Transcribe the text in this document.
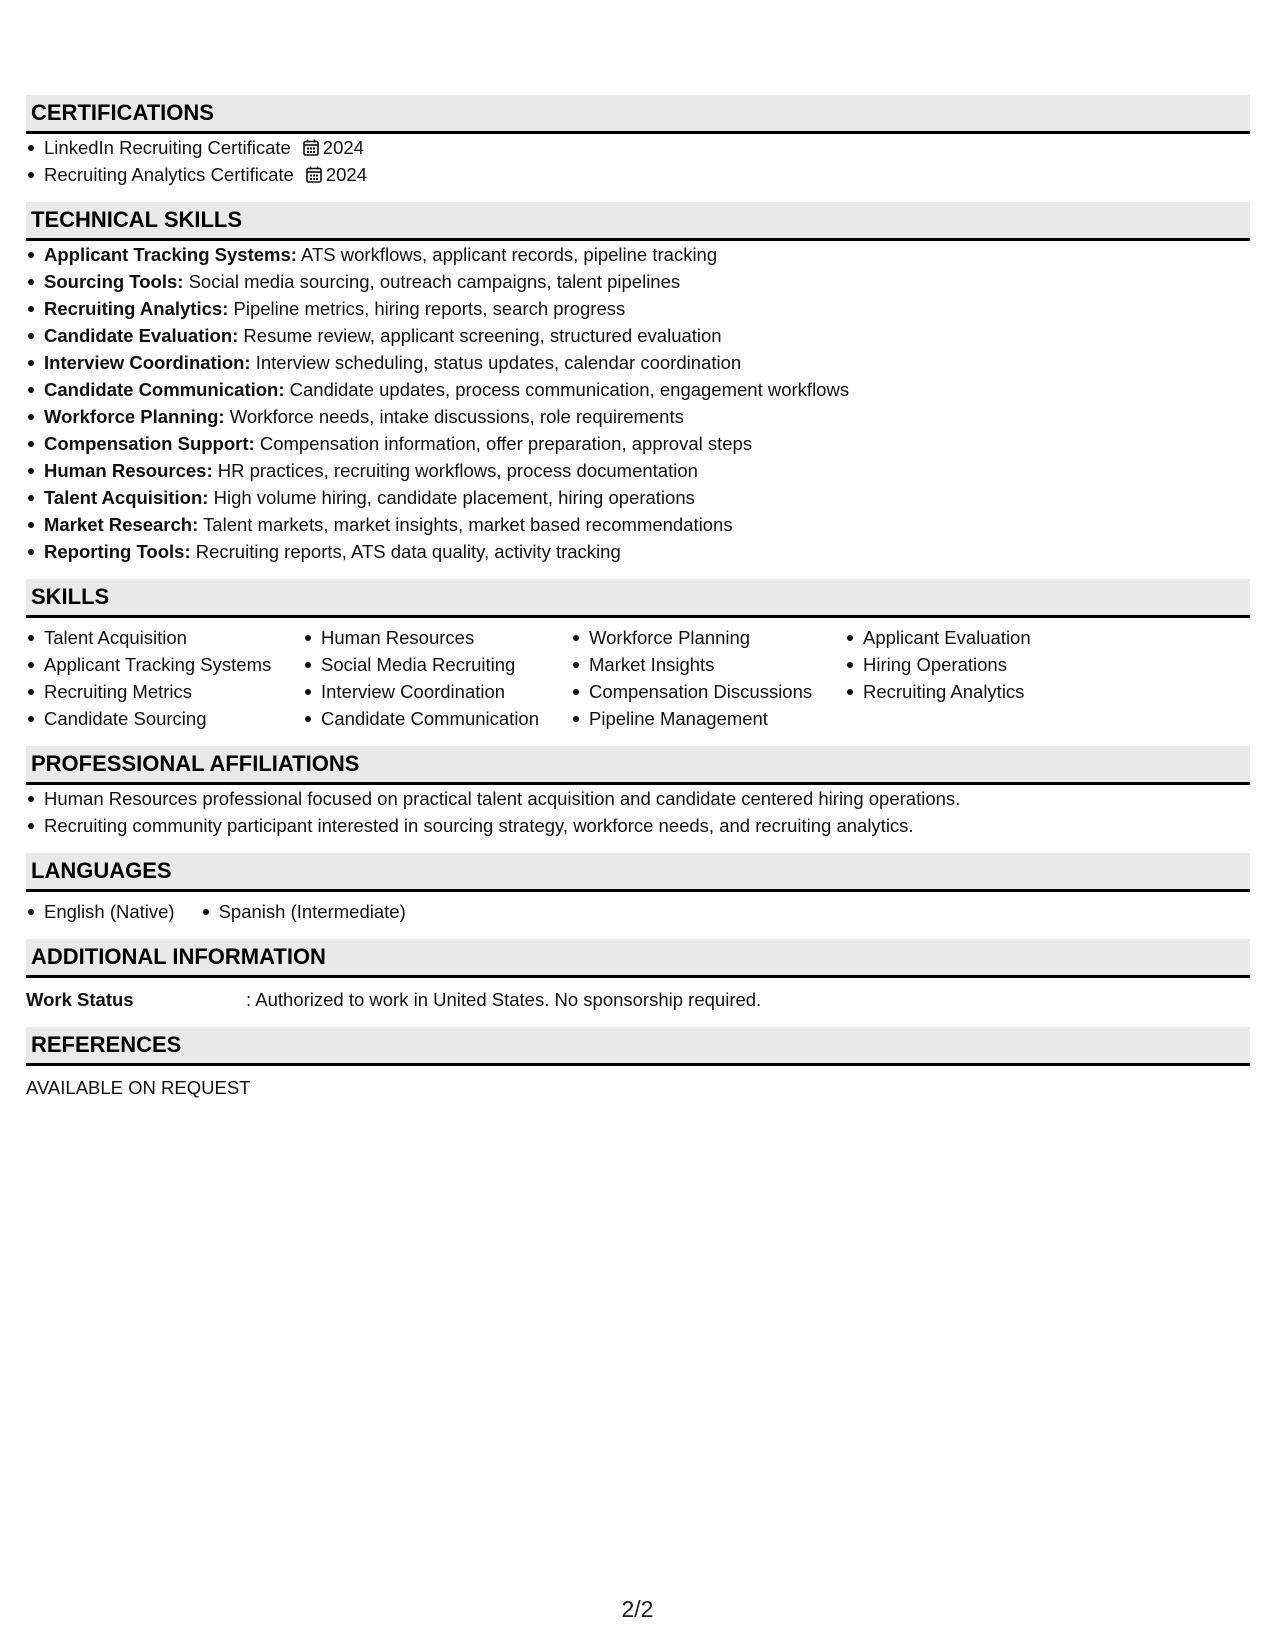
CERTIFICATIONS
LinkedIn Recruiting Certificate 2024
Recruiting Analytics Certificate 2024
TECHNICAL SKILLS
Applicant Tracking Systems: ATS workflows, applicant records, pipeline tracking
Sourcing Tools: Social media sourcing, outreach campaigns, talent pipelines
Recruiting Analytics: Pipeline metrics, hiring reports, search progress
Candidate Evaluation: Resume review, applicant screening, structured evaluation
Interview Coordination: Interview scheduling, status updates, calendar coordination
Candidate Communication: Candidate updates, process communication, engagement workflows
Workforce Planning: Workforce needs, intake discussions, role requirements
Compensation Support: Compensation information, offer preparation, approval steps
Human Resources: HR practices, recruiting workflows, process documentation
Talent Acquisition: High volume hiring, candidate placement, hiring operations
Market Research: Talent markets, market insights, market based recommendations
Reporting Tools: Recruiting reports, ATS data quality, activity tracking
SKILLS
Talent Acquisition
Applicant Tracking Systems
Recruiting Metrics
Candidate Sourcing
Human Resources
Social Media Recruiting
Interview Coordination
Candidate Communication
Workforce Planning
Market Insights
Compensation Discussions
Pipeline Management
Applicant Evaluation
Hiring Operations
Recruiting Analytics
PROFESSIONAL AFFILIATIONS
Human Resources professional focused on practical talent acquisition and candidate centered hiring operations.
Recruiting community participant interested in sourcing strategy, workforce needs, and recruiting analytics.
LANGUAGES
English (Native)	Spanish (Intermediate)
ADDITIONAL INFORMATION
Work Status	: Authorized to work in United States. No sponsorship required.
REFERENCES
AVAILABLE ON REQUEST
2/2
